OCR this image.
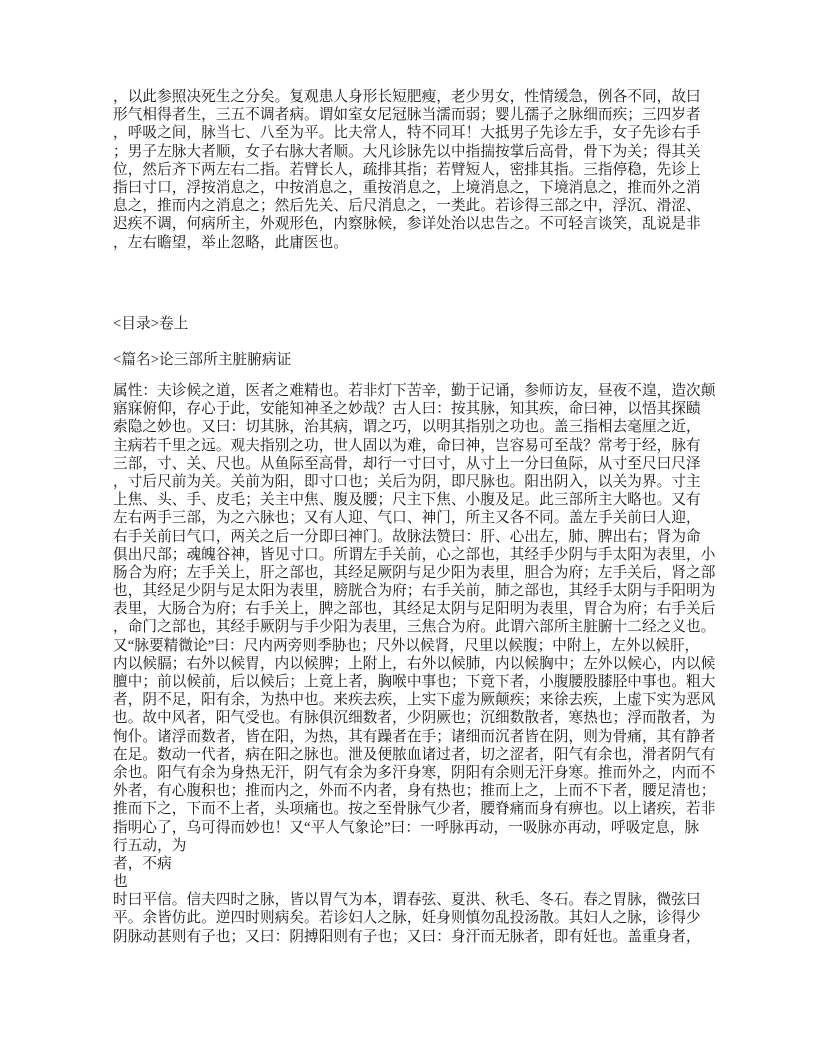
，以此参照决死生之分矣。复观患人身形长短肥瘦，老少男女，性情缓急，例各不同，故曰
形气相得者生，三五不调者病。谓如室女尼冠脉当濡而弱；婴儿孺子之脉细而疾；三四岁者
，呼吸之间，脉当七、八至为平。比夫常人，特不同耳！大抵男子先诊左手，女子先诊右手
；男子左脉大者顺，女子右脉大者顺。大凡诊脉先以中指揣按掌后高骨，骨下为关；得其关
位，然后齐下两左右二指。若臂长人，疏排其指；若臂短人，密排其指。三指停稳，先诊上
指曰寸口，浮按消息之，中按消息之，重按消息之，上境消息之，下境消息之，推而外之消
息之，推而内之消息之；然后先关、后尺消息之，一类此。若诊得三部之中，浮沉、滑涩、
迟疾不调，何病所主，外观形色，内察脉候，参详处治以忠告之。不可轻言谈笑，乱说是非
，左右瞻望，举止忽略，此庸医也。
<目录>卷上
<篇名>论三部所主脏腑病证
属性：夫诊候之道，医者之难精也。若非灯下苦辛，勤于记诵，参师访友，昼夜不遑，造次颠
寤寐俯仰，存心于此，安能知神圣之妙哉？古人曰：按其脉，知其疾，命曰神，以悟其探赜
索隐之妙也。又曰：切其脉，治其病，谓之巧，以明其指别之功也。盖三指相去毫厘之近，
主病若千里之远。观夫指别之功，世人固以为难，命曰神，岂容易可至哉？常考于经，脉有
三部，寸、关、尺也。从鱼际至高骨，却行一寸曰寸，从寸上一分曰鱼际，从寸至尺曰尺泽
，寸后尺前为关。关前为阳，即寸口也；关后为阴，即尺脉也。阳出阴入，以关为界。寸主
上焦、头、手、皮毛；关主中焦、腹及腰；尺主下焦、小腹及足。此三部所主大略也。又有
左右两手三部，为之六脉也；又有人迎、气口、神门，所主又各不同。盖左手关前曰人迎，
右手关前曰气口，两关之后一分即曰神门。故脉法赞曰：肝、心出左，肺、脾出右；肾为命
俱出尺部；魂魄谷神，皆见寸口。所谓左手关前，心之部也，其经手少阴与手太阳为表里，小
肠合为府；左手关上，肝之部也，其经足厥阴与足少阳为表里，胆合为府；左手关后，肾之部
也，其经足少阴与足太阳为表里，膀胱合为府；右手关前，肺之部也，其经手太阴与手阳明为
表里，大肠合为府；右手关上，脾之部也，其经足太阴与足阳明为表里，胃合为府；右手关后
，命门之部也，其经手厥阴与手少阳为表里，三焦合为府。此谓六部所主脏腑十二经之义也。
又“脉要精微论”曰：尺内两旁则季胁也；尺外以候肾，尺里以候腹；中附上，左外以候肝，
内以候膈；右外以候胃，内以候脾；上附上，右外以候肺，内以候胸中；左外以候心，内以候
膻中；前以候前，后以候后；上竟上者，胸喉中事也；下竟下者，小腹腰股膝胫中事也。粗大
者，阴不足，阳有余，为热中也。来疾去疾，上实下虚为厥颠疾；来徐去疾，上虚下实为恶风
也。故中风者，阳气受也。有脉俱沉细数者，少阴厥也；沉细数散者，寒热也；浮而散者，为
恂仆。诸浮而数者，皆在阳，为热，其有躁者在手；诸细而沉者皆在阴，则为骨痛，其有静者
在足。数动一代者，病在阳之脉也。泄及便脓血诸过者，切之涩者，阳气有余也，滑者阴气有
余也。阳气有余为身热无汗，阴气有余为多汗身寒，阴阳有余则无汗身寒。推而外之，内而不
外者，有心腹积也；推而内之，外而不内者，身有热也；推而上之，上而不下者，腰足清也；
推而下之，下而不上者，头项痛也。按之至骨脉气少者，腰脊痛而身有痹也。以上诸疾，若非
指明心了，乌可得而妙也！又“平人气象论”曰：一呼脉再动，一吸脉亦再动，呼吸定息，脉
行五动，为
者，不病
也
时曰平信。信夫四时之脉，皆以胃气为本，谓春弦、夏洪、秋毛、冬石。春之胃脉，微弦曰
平。余皆仿此。逆四时则病矣。若诊妇人之脉，妊身则慎勿乱投汤散。其妇人之脉，诊得少
阴脉动甚则有子也；又曰：阴搏阳则有子也；又曰：身汗而无脉者，即有妊也。盖重身者，
